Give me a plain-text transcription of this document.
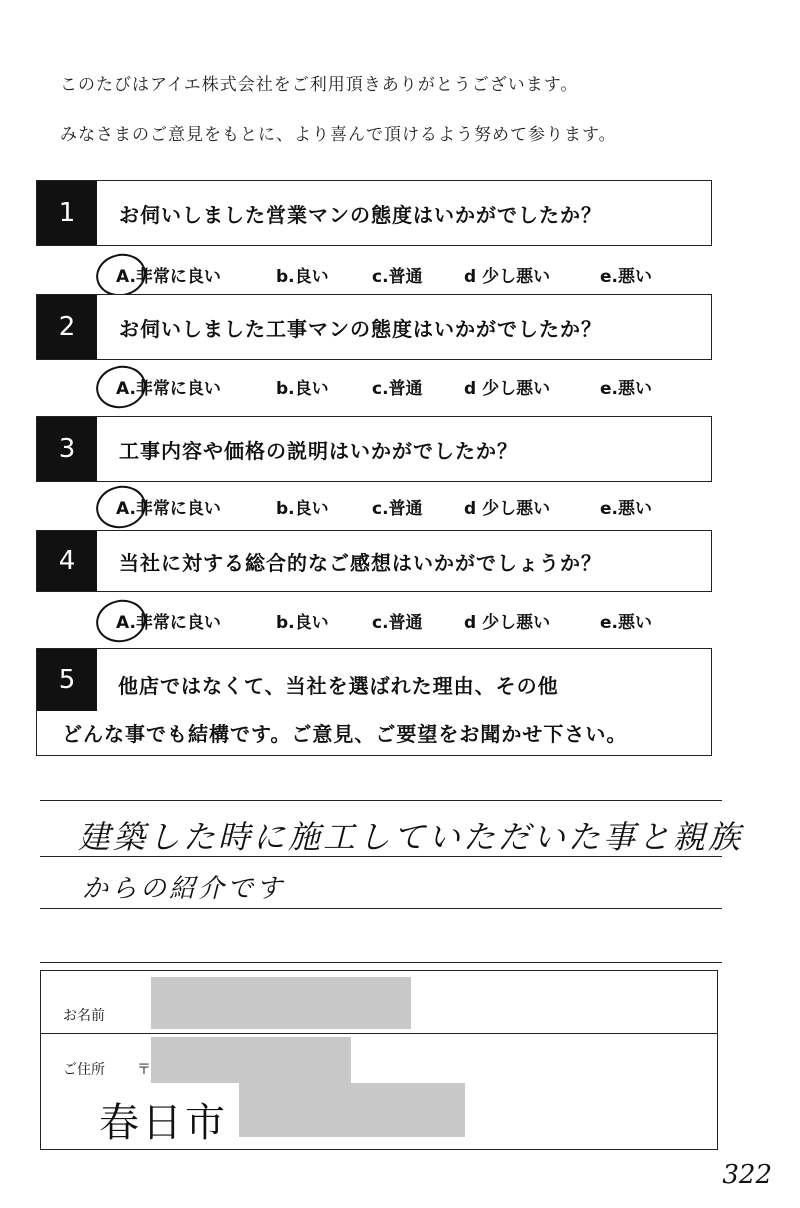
このたびはアイエ株式会社をご利用頂きありがとうございます。
みなさまのご意見をもとに、より喜んで頂けるよう努めて参ります。
1	お伺いしました営業マンの態度はいかがでしたか？
A.非常に良い	b.良い	c.普通 d 少し悪い	e.悪い
2	お伺いしました工事マンの態度はいかがでしたか？
A.非常に良い	b.良い	c.普通 d 少し悪い	e.悪い
3	工事内容や価格の説明はいかがでしたか？
A.非常に良い	b.良い	c.普通 d 少し悪い	e.悪い
4	当社に対する総合的なご感想はいかがでしょうか？
A.非常に良い	b.良い	c.普通 d 少し悪い	e.悪い
5	他店ではなくて、当社を選ばれた理由、その他
どんな事でも結構です。ご意見、ご要望をお聞かせ下さい。
建築した時に施工していただいた事と親族
からの紹介です
お名前
ご住所 〒
春日市
322
